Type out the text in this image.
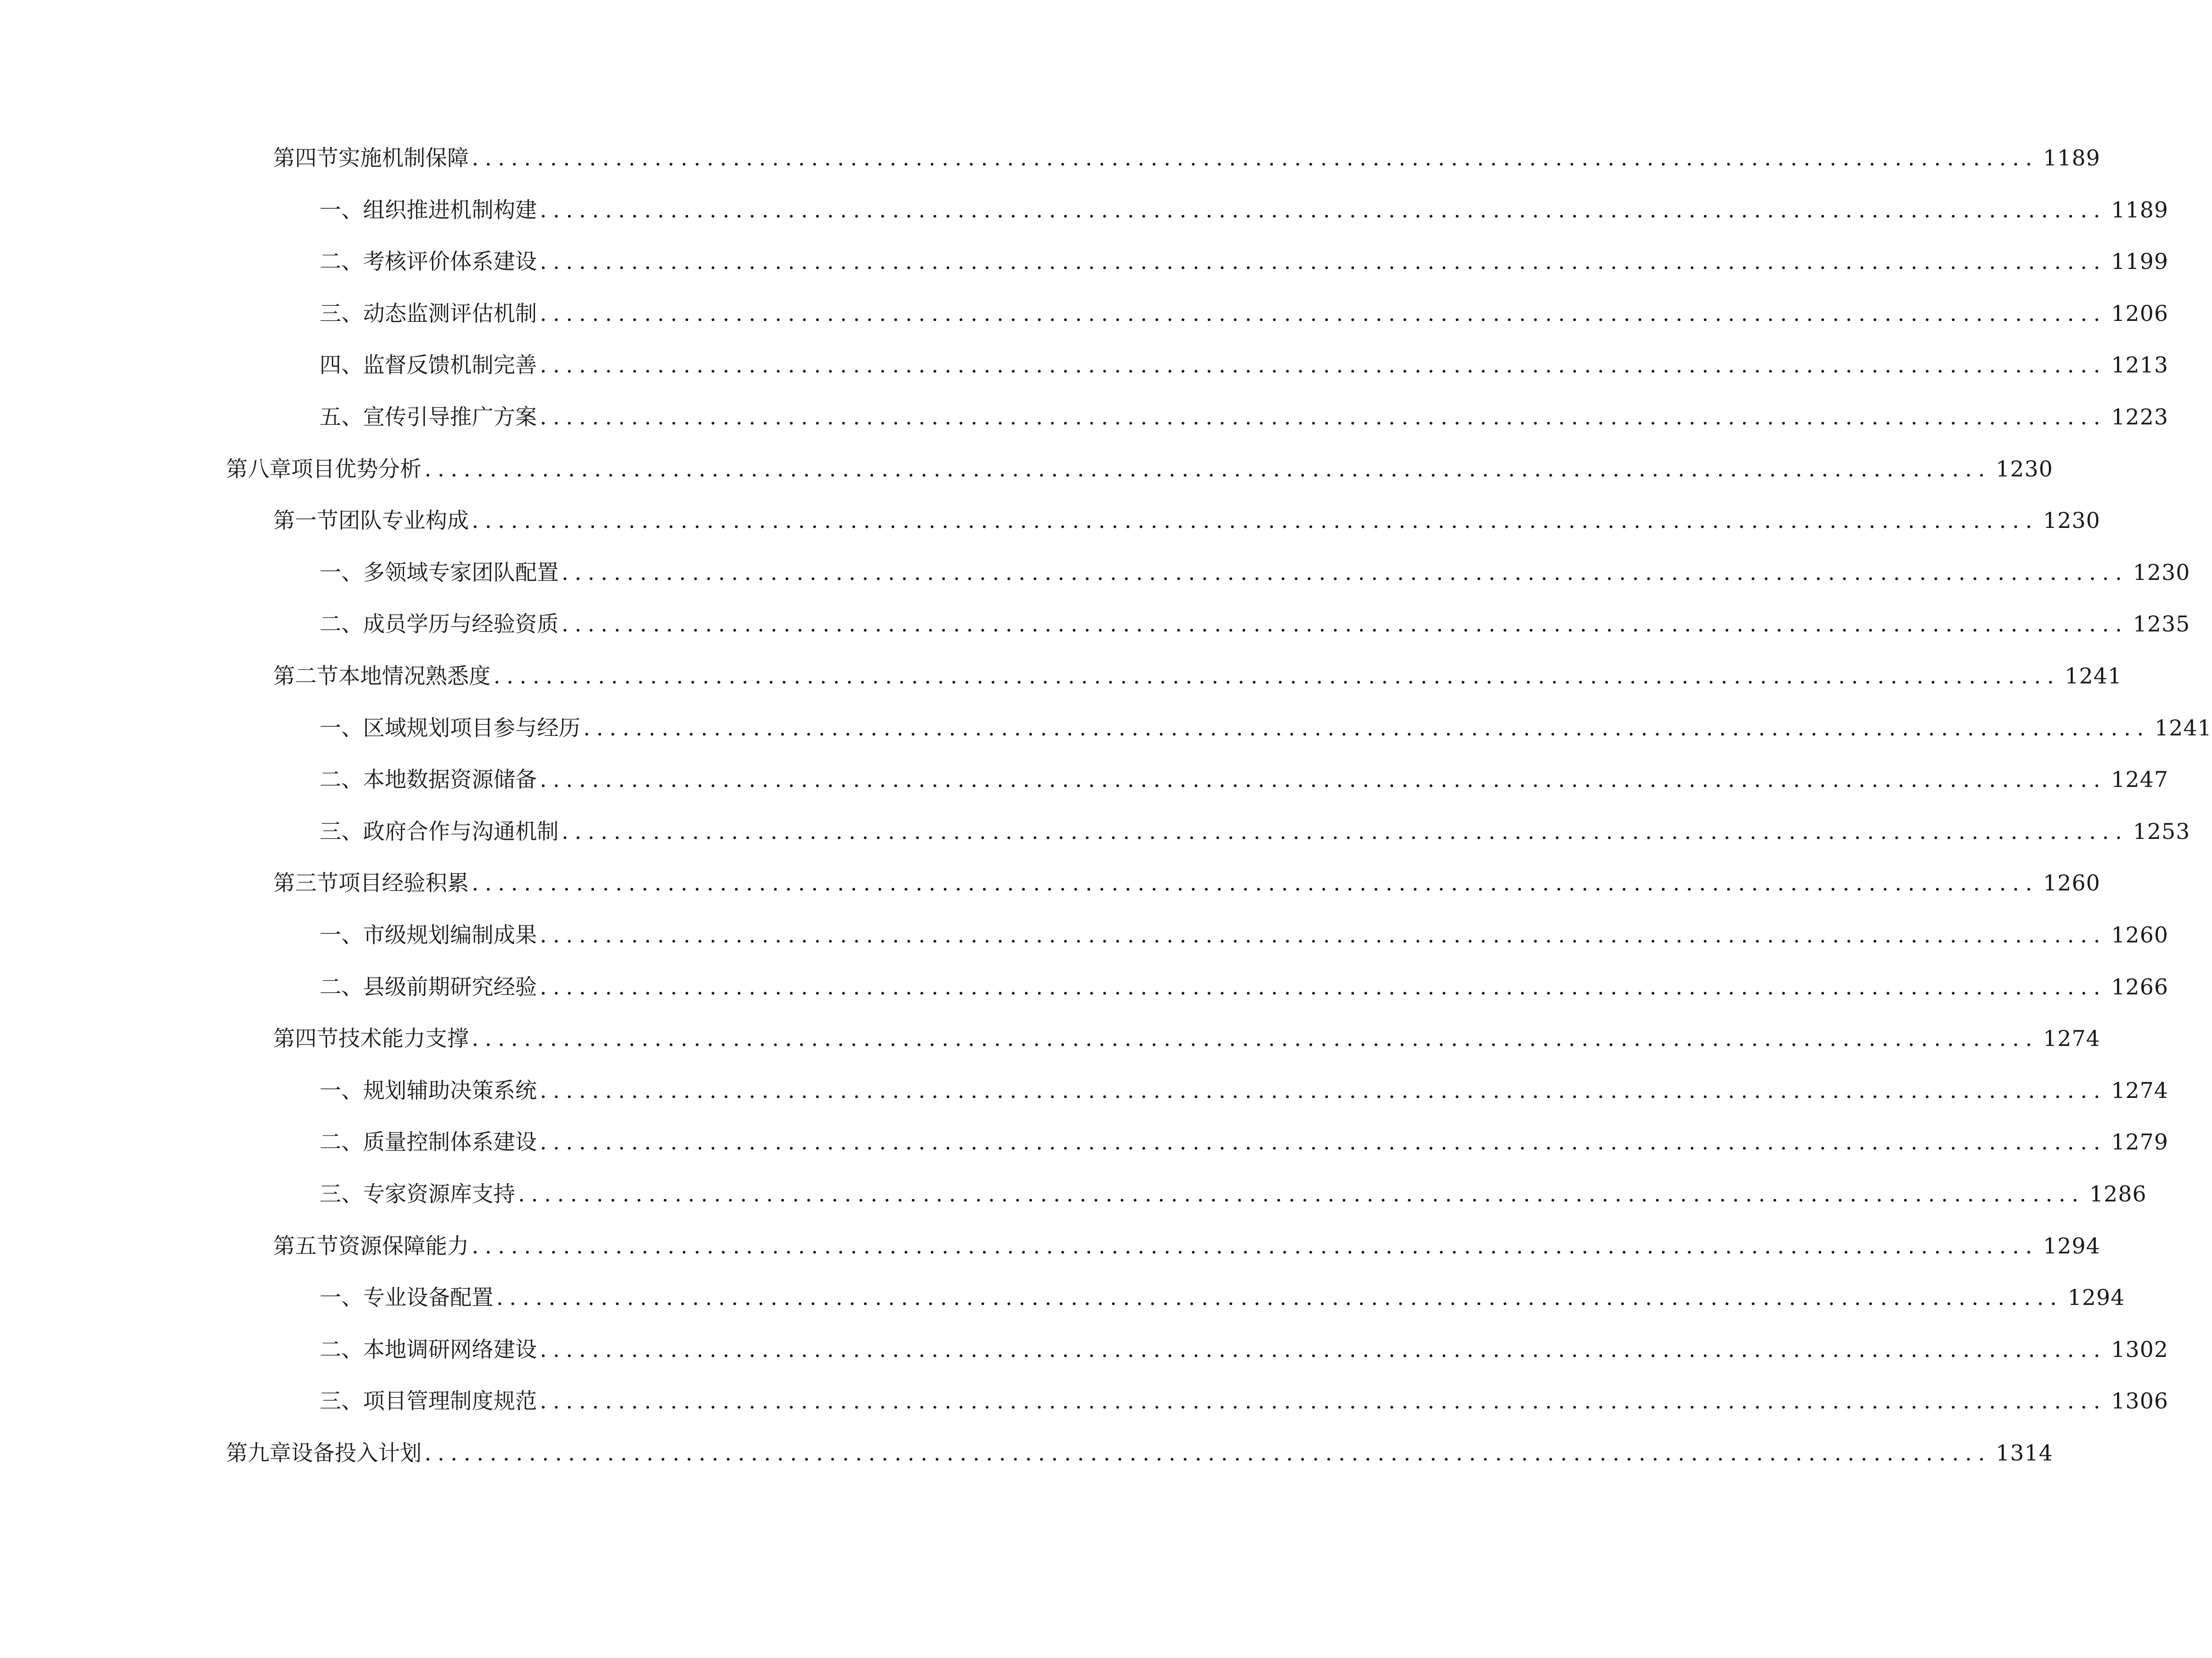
第四节 实施机制保障 ........................................................................................................................ 1189
一、 组织推进机制构建 ........................................................................................................................ 1189
二、 考核评价体系建设 ........................................................................................................................ 1199
三、 动态监测评估机制 ........................................................................................................................ 1206
四、 监督反馈机制完善 ........................................................................................................................ 1213
五、 宣传引导推广方案 ........................................................................................................................ 1223
第八章 项目优势分析 ........................................................................................................................ 1230
第一节 团队专业构成 ........................................................................................................................ 1230
一、 多领域专家团队配置 ........................................................................................................................ 1230
二、 成员学历与经验资质 ........................................................................................................................ 1235
第二节 本地情况熟悉度 ........................................................................................................................ 1241
一、 区域规划项目参与经历 ........................................................................................................................ 1241
二、 本地数据资源储备 ........................................................................................................................ 1247
三、 政府合作与沟通机制 ........................................................................................................................ 1253
第三节 项目经验积累 ........................................................................................................................ 1260
一、 市级规划编制成果 ........................................................................................................................ 1260
二、 县级前期研究经验 ........................................................................................................................ 1266
第四节 技术能力支撑 ........................................................................................................................ 1274
一、 规划辅助决策系统 ........................................................................................................................ 1274
二、 质量控制体系建设 ........................................................................................................................ 1279
三、 专家资源库支持 ........................................................................................................................ 1286
第五节 资源保障能力 ........................................................................................................................ 1294
一、 专业设备配置 ........................................................................................................................ 1294
二、 本地调研网络建设 ........................................................................................................................ 1302
三、 项目管理制度规范 ........................................................................................................................ 1306
第九章 设备投入计划 ........................................................................................................................ 1314
